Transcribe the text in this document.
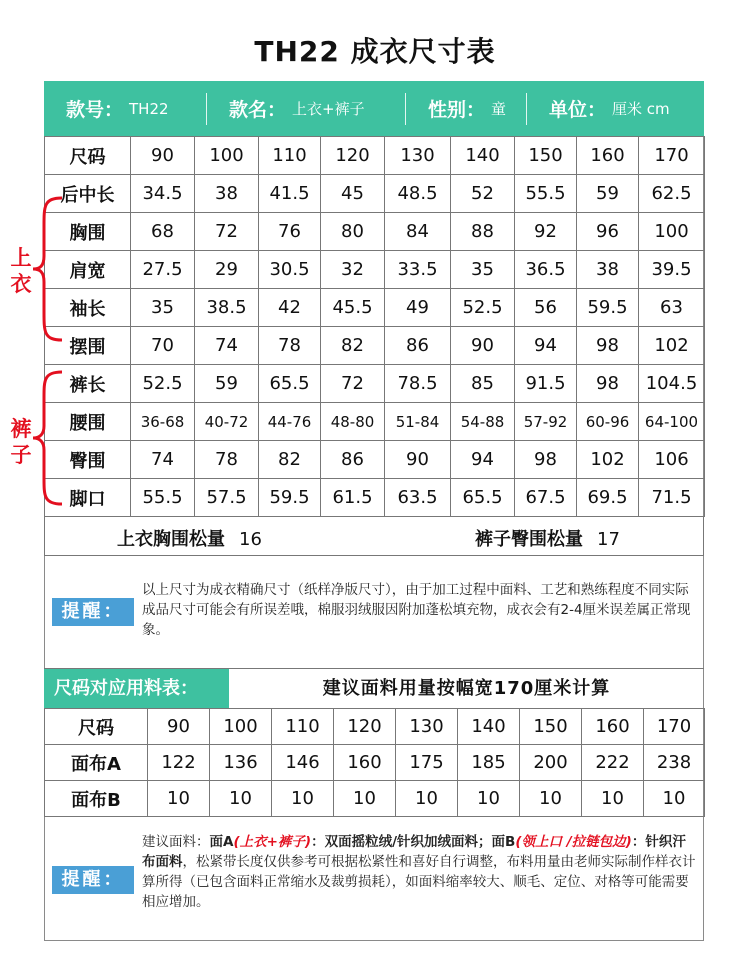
TH22 成衣尺寸表
款号： TH22	款名： 上衣+裤子	性别： 童 单位： 厘米 cm
尺码	90	100	110	120	130	140	150	160	170
后中长	34.5	38	41.5	45	48.5	52	55.5	59	62.5
胸围	68	72	76	80	84	88	92	96	100
肩宽	27.5	29	30.5	32	33.5	35	36.5	38	39.5
袖长	35	38.5	42	45.5	49	52.5	56	59.5	63
摆围	70	74	78	82	86	90	94	98	102
裤长	52.5	59	65.5	72	78.5	85	91.5	98	104.5
腰围	36-68	40-72	44-76	48-80	51-84	54-88	57-92	60-96	64-100
臀围	74	78	82	86	90	94	98	102	106
脚口	55.5	57.5	59.5	61.5	63.5	65.5	67.5	69.5	71.5
上衣
裤子
上衣胸围松量 16	裤子臀围松量 17
提醒：
以上尺寸为成衣精确尺寸（纸样净版尺寸），由于加工过程中面料、工艺和熟练程度不同实际成品尺寸可能会有所误差哦，棉服羽绒服因附加蓬松填充物，成衣会有2-4厘米误差属正常现象。
尺码对应用料表：	建议面料用量按幅宽170厘米计算
尺码	90	100	110	120	130	140	150	160	170
面布A	122	136	146	160	175	185	200	222	238
面布B	10	10	10	10	10	10	10	10	10
提醒：
建议面料：面A(上衣+裤子)：双面摇粒绒/针织加绒面料；面B(领上口 /拉链包边)：针织汗布面料，松紧带长度仅供参考可根据松紧性和喜好自行调整，布料用量由老师实际制作样衣计算所得（已包含面料正常缩水及裁剪损耗），如面料缩率较大、顺毛、定位、对格等可能需要相应增加。
